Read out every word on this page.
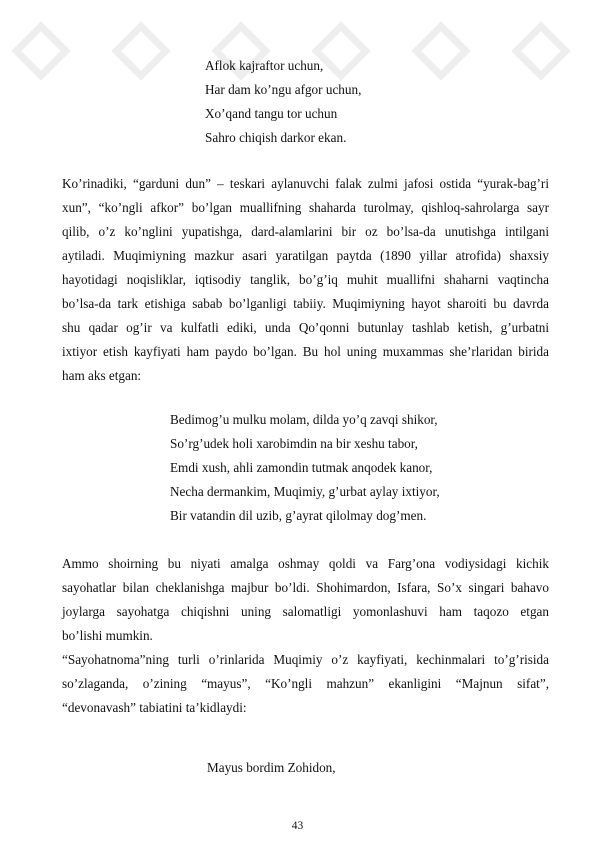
Aflok kajraftor uchun,
Har dam ko’ngu afgor uchun,
Xo’qand tangu tor uchun
Sahro chiqish darkor ekan.
Ko’rinadiki, “garduni dun” – teskari aylanuvchi falak zulmi jafosi ostida “yurak-bag’ri
xun”, “ko’ngli afkor” bo’lgan muallifning shaharda turolmay, qishloq-sahrolarga sayr
qilib, o’z ko’nglini yupatishga, dard-alamlarini bir oz bo’lsa-da unutishga intilgani
aytiladi. Muqimiyning mazkur asari yaratilgan paytda (1890 yillar atrofida) shaxsiy
hayotidagi noqisliklar, iqtisodiy tanglik, bo’g’iq muhit muallifni shaharni vaqtincha
bo’lsa-da tark etishiga sabab bo’lganligi tabiiy. Muqimiyning hayot sharoiti bu davrda
shu qadar og’ir va kulfatli ediki, unda Qo’qonni butunlay tashlab ketish, g’urbatni
ixtiyor etish kayfiyati ham paydo bo’lgan. Bu hol uning muxammas she’rlaridan birida
ham aks etgan:
Bedimog’u mulku molam, dilda yo’q zavqi shikor,
So’rg’udek holi xarobimdin na bir xeshu tabor,
Emdi xush, ahli zamondin tutmak anqodek kanor,
Necha dermankim, Muqimiy, g’urbat aylay ixtiyor,
Bir vatandin dil uzib, g’ayrat qilolmay dog’men.
Ammo shoirning bu niyati amalga oshmay qoldi va Farg’ona vodiysidagi kichik
sayohatlar bilan cheklanishga majbur bo’ldi. Shohimardon, Isfara, So’x singari bahavo
joylarga sayohatga chiqishni uning salomatligi yomonlashuvi ham taqozo etgan
bo’lishi mumkin.
“Sayohatnoma”ning turli o’rinlarida Muqimiy o’z kayfiyati, kechinmalari to’g’risida
so’zlaganda, o’zining “mayus”, “Ko’ngli mahzun” ekanligini “Majnun sifat”,
“devonavash” tabiatini ta’kidlaydi:
Mayus bordim Zohidon,
43
